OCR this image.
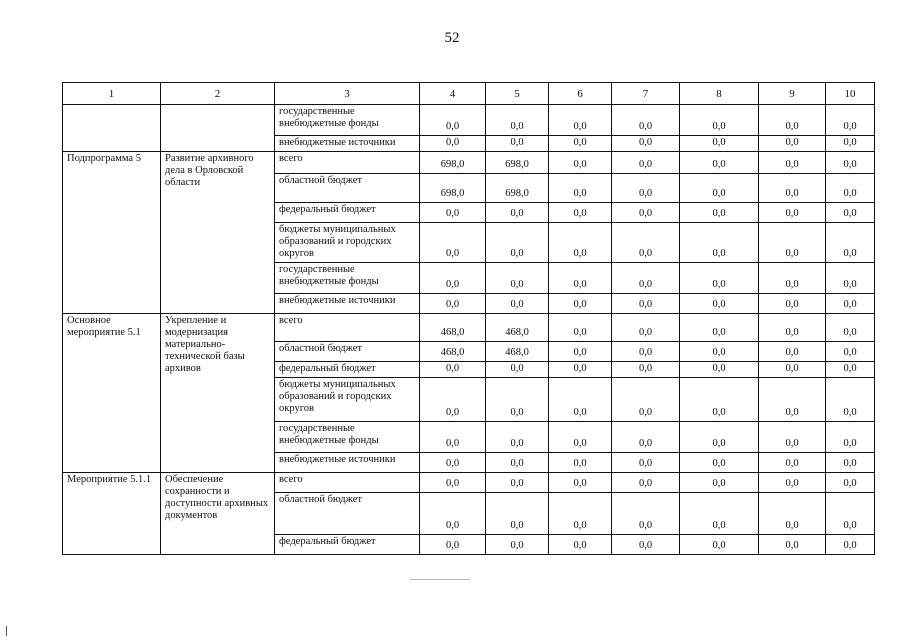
52
1	2	3	4	5	6	7	8	9	10
		государственные внебюджетные фонды	0,0	0,0	0,0	0,0	0,0	0,0	0,0
		внебюджетные источники	0,0	0,0	0,0	0,0	0,0	0,0	0,0
Подпрограмма 5	Развитие архивного дела в Орловской области	всего	698,0	698,0	0,0	0,0	0,0	0,0	0,0
		областной бюджет	698,0	698,0	0,0	0,0	0,0	0,0	0,0
		федеральный бюджет	0,0	0,0	0,0	0,0	0,0	0,0	0,0
		бюджеты муниципальных образований и городских округов	0,0	0,0	0,0	0,0	0,0	0,0	0,0
		государственные внебюджетные фонды	0,0	0,0	0,0	0,0	0,0	0,0	0,0
		внебюджетные источники	0,0	0,0	0,0	0,0	0,0	0,0	0,0
Основное мероприятие 5.1	Укрепление и модернизация материально-технической базы архивов	всего	468,0	468,0	0,0	0,0	0,0	0,0	0,0
		областной бюджет	468,0	468,0	0,0	0,0	0,0	0,0	0,0
		федеральный бюджет	0,0	0,0	0,0	0,0	0,0	0,0	0,0
		бюджеты муниципальных образований и городских округов	0,0	0,0	0,0	0,0	0,0	0,0	0,0
		государственные внебюджетные фонды	0,0	0,0	0,0	0,0	0,0	0,0	0,0
		внебюджетные источники	0,0	0,0	0,0	0,0	0,0	0,0	0,0
Мероприятие 5.1.1	Обеспечение сохранности и доступности архивных документов	всего	0,0	0,0	0,0	0,0	0,0	0,0	0,0
		областной бюджет	0,0	0,0	0,0	0,0	0,0	0,0	0,0
		федеральный бюджет	0,0	0,0	0,0	0,0	0,0	0,0	0,0
